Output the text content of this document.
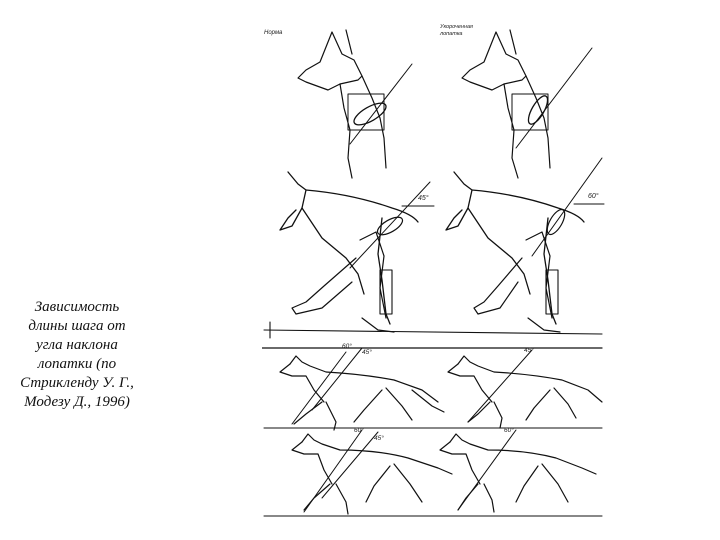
Зависимость
длины шага от
угла наклона
лопатки (по
Стрикленду У. Г.,
Модезу Д., 1996)
Норма
Укороченная
лопатка
45°	60°
60°
45°	45°
60°
45°
60°
